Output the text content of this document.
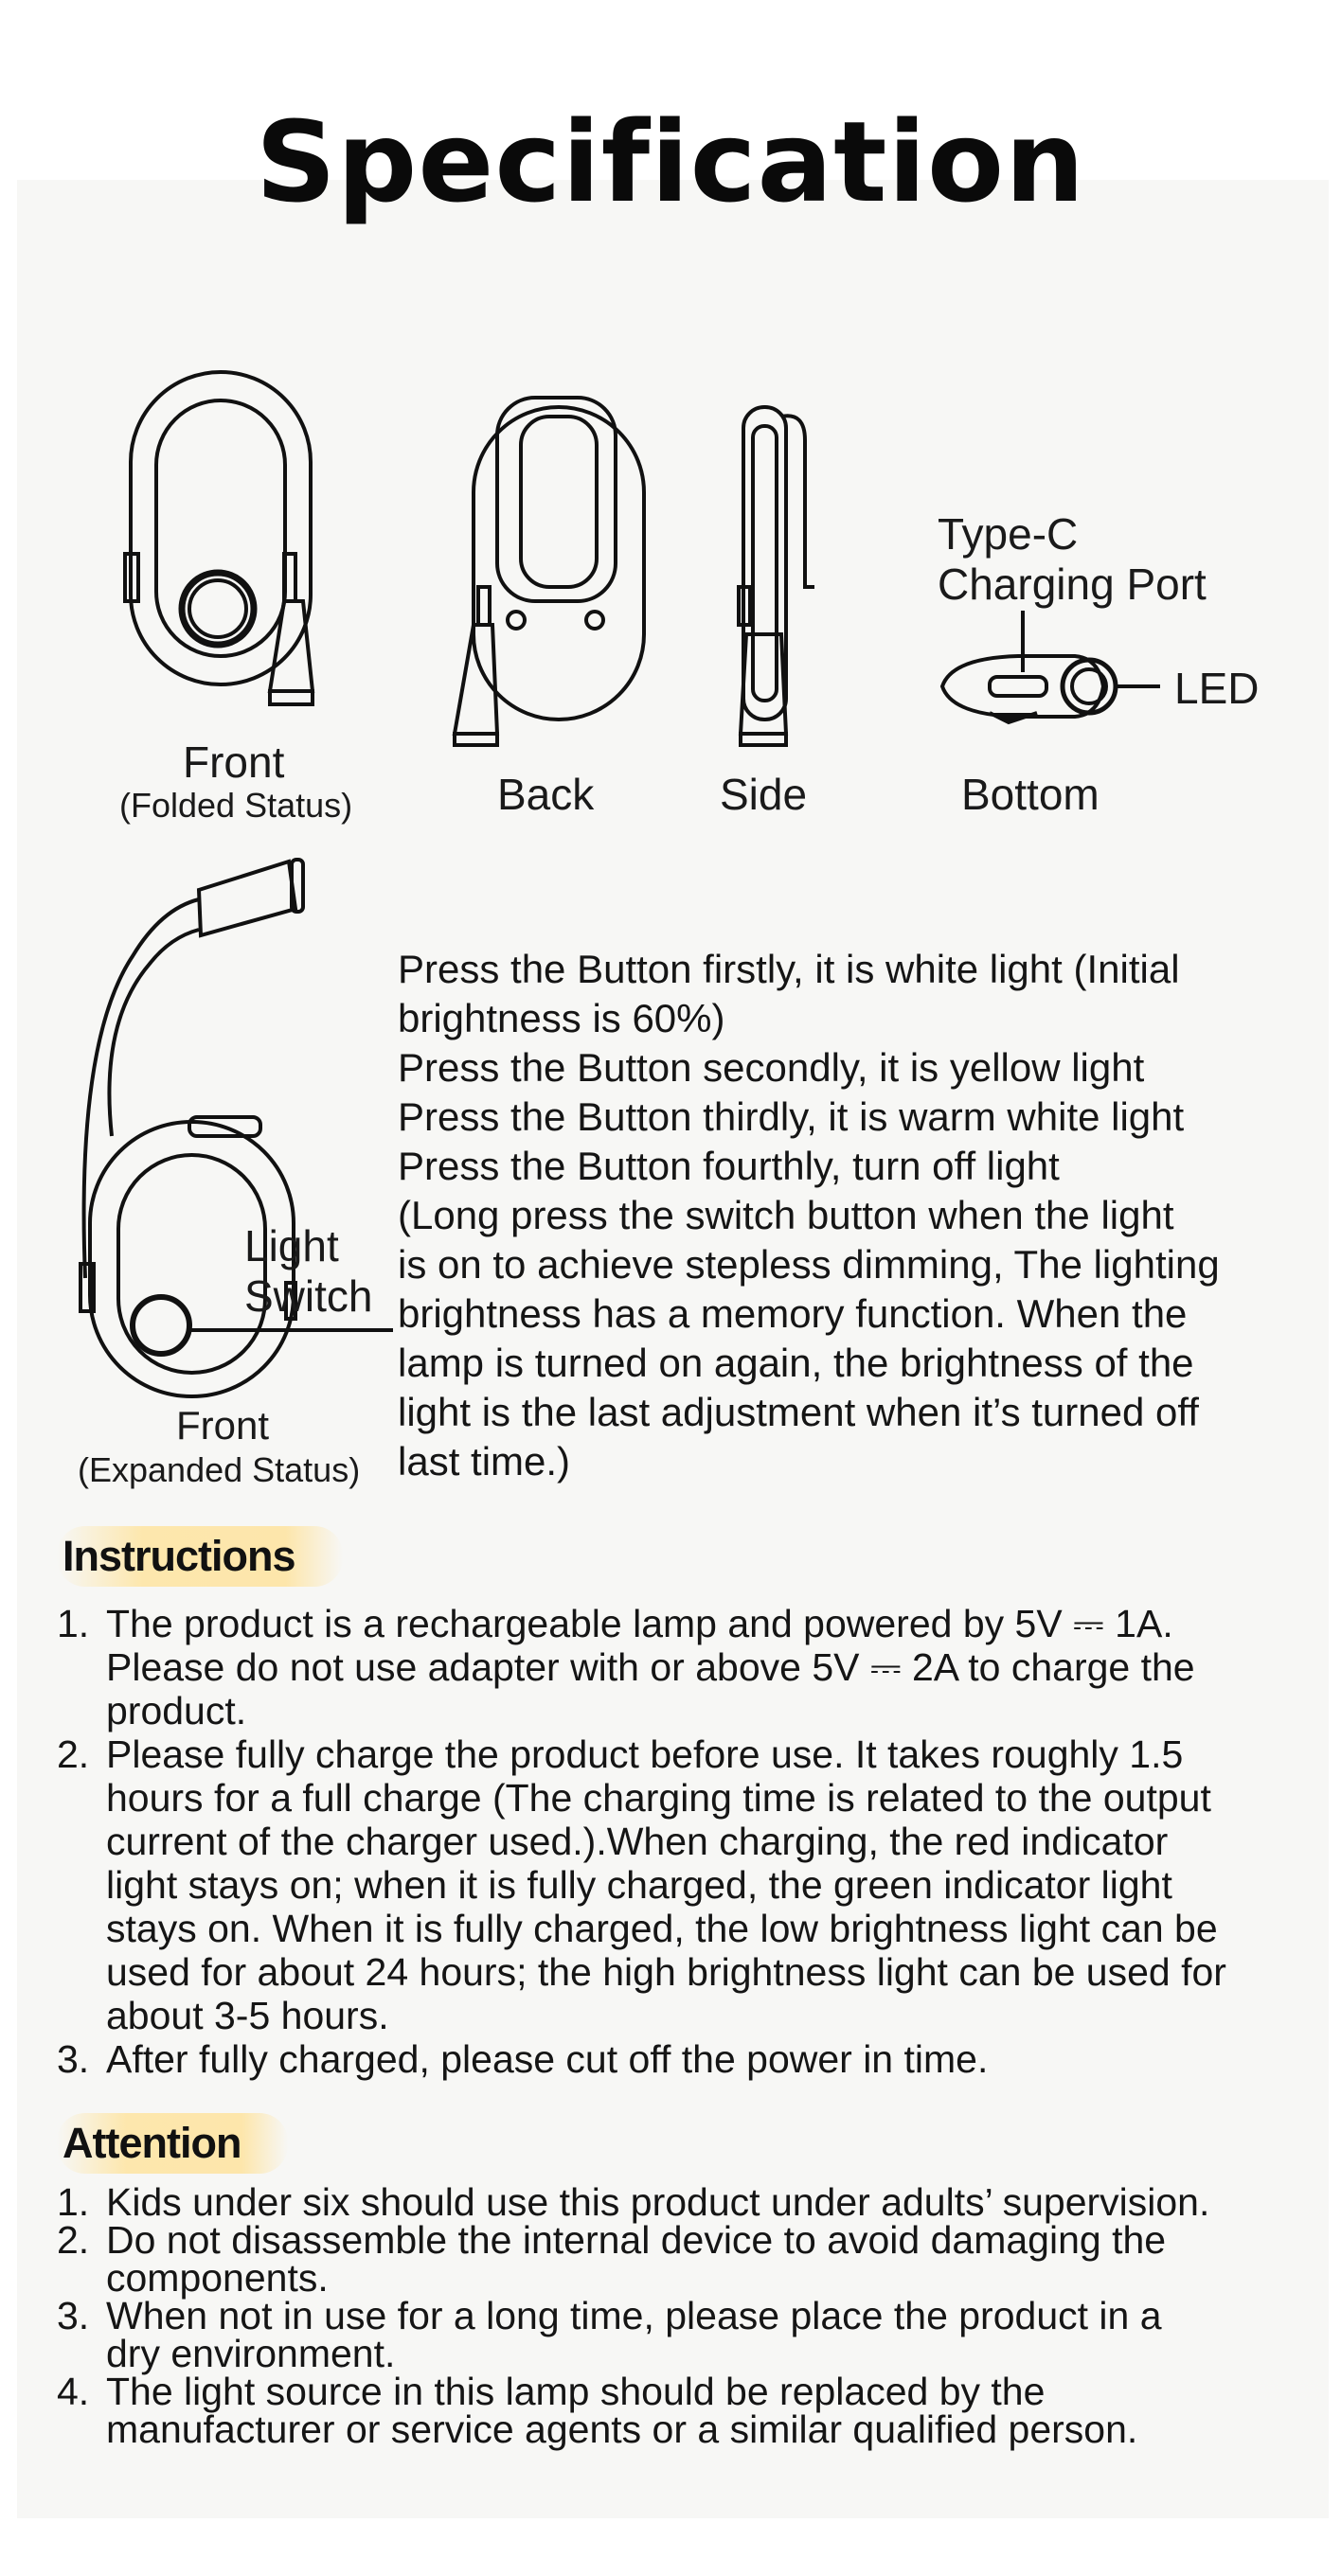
Specification
Front
(Folded Status)	Back	Side
Type-C
Charging Port
LED
Bottom
Light
Switch
Front
(Expanded Status)
Press the Button firstly, it is white light (Initial
brightness is 60%)
Press the Button secondly, it is yellow light
Press the Button thirdly, it is warm white light
Press the Button fourthly, turn off light
(Long press the switch button when the light
is on to achieve stepless dimming, The lighting
brightness has a memory function. When the
lamp is turned on again, the brightness of the
light is the last adjustment when it’s turned off
last time.)
Instructions
1. The product is a rechargeable lamp and powered by 5V ⎓ 1A.
Please do not use adapter with or above 5V ⎓ 2A to charge the
product.
2. Please fully charge the product before use. It takes roughly 1.5
hours for a full charge (The charging time is related to the output
current of the charger used.).When charging, the red indicator
light stays on; when it is fully charged, the green indicator light
stays on. When it is fully charged, the low brightness light can be
used for about 24 hours; the high brightness light can be used for
about 3-5 hours.
3. After fully charged, please cut off the power in time.
Attention
1. Kids under six should use this product under adults’ supervision.
2. Do not disassemble the internal device to avoid damaging the
components.
3. When not in use for a long time, please place the product in a
dry environment.
4. The light source in this lamp should be replaced by the
manufacturer or service agents or a similar qualified person.
